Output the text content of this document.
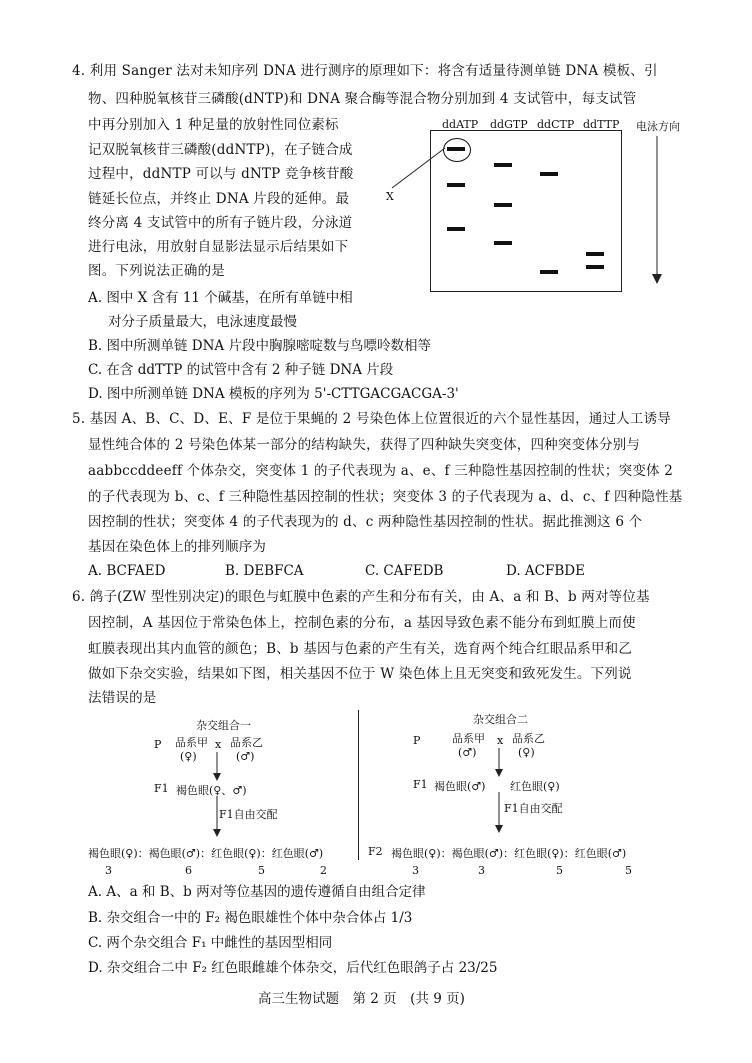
4. 利用 Sanger 法对未知序列 DNA 进行测序的原理如下：将含有适量待测单链 DNA 模板、引
物、四种脱氧核苷三磷酸(dNTP)和 DNA 聚合酶等混合物分别加到 4 支试管中，每支试管
中再分别加入 1 种足量的放射性同位素标
记双脱氧核苷三磷酸(ddNTP)，在子链合成
过程中，ddNTP 可以与 dNTP 竞争核苷酸
链延长位点，并终止 DNA 片段的延伸。最
终分离 4 支试管中的所有子链片段，分泳道
进行电泳，用放射自显影法显示后结果如下
图。下列说法正确的是
ddATP ddGTP ddCTP ddTTP 电泳方向
X
A. 图中 X 含有 11 个碱基，在所有单链中相
对分子质量最大，电泳速度最慢
B. 图中所测单链 DNA 片段中胸腺嘧啶数与鸟嘌呤数相等
C. 在含 ddTTP 的试管中含有 2 种子链 DNA 片段
D. 图中所测单链 DNA 模板的序列为 5'-CTTGACGACGA-3'
5. 基因 A、B、C、D、E、F 是位于果蝇的 2 号染色体上位置很近的六个显性基因，通过人工诱导
显性纯合体的 2 号染色体某一部分的结构缺失，获得了四种缺失突变体，四种突变体分别与
aabbccddeeff 个体杂交，突变体 1 的子代表现为 a、e、f 三种隐性基因控制的性状；突变体 2
的子代表现为 b、c、f 三种隐性基因控制的性状；突变体 3 的子代表现为 a、d、c、f 四种隐性基
因控制的性状；突变体 4 的子代表现为的 d、c 两种隐性基因控制的性状。据此推测这 6 个
基因在染色体上的排列顺序为
A. BCFAED	B. DEBFCA	C. CAFEDB	D. ACFBDE
6. 鸽子(ZW 型性别决定)的眼色与虹膜中色素的产生和分布有关，由 A、a 和 B、b 两对等位基
因控制，A 基因位于常染色体上，控制色素的分布，a 基因导致色素不能分布到虹膜上而使
虹膜表现出其内血管的颜色；B、b 基因与色素的产生有关，选育两个纯合红眼品系甲和乙
做如下杂交实验，结果如下图，相关基因不位于 W 染色体上且无突变和致死发生。下列说
法错误的是
杂交组合一
P 品系甲
(♀)
x 品系乙
(♂)
F1 褐色眼(♀、♂)
F1自由交配
褐色眼(♀)：褐色眼(♂)：红色眼(♀)：红色眼(♂)
3	6	5	2
杂交组合二
P	品系甲
(♂)
x 品系乙
(♀)
F1 褐色眼(♂) 红色眼(♀)
F1自由交配
F2 褐色眼(♀)：褐色眼(♂)：红色眼(♀)：红色眼(♂)
3	3	5	5
A. A、a 和 B、b 两对等位基因的遗传遵循自由组合定律
B. 杂交组合一中的 F₂ 褐色眼雄性个体中杂合体占 1/3
C. 两个杂交组合 F₁ 中雌性的基因型相同
D. 杂交组合二中 F₂ 红色眼雌雄个体杂交，后代红色眼鸽子占 23/25
高三生物试题　第 2 页　(共 9 页)
